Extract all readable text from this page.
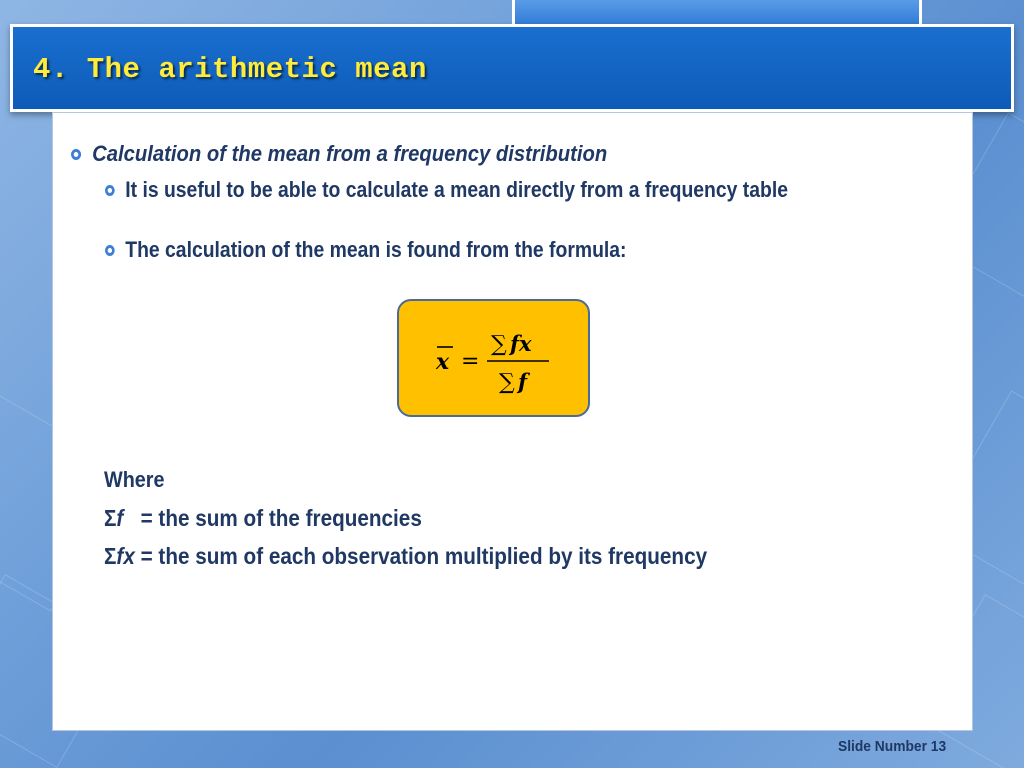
4. The arithmetic mean
Calculation of the mean from a frequency distribution
It is useful to be able to calculate a mean directly from a frequency table
The calculation of the mean is found from the formula:
x =
∑ fx
∑ f
Where
Σf = the sum of the frequencies
Σfx = the sum of each observation multiplied by its frequency
Slide Number 13
